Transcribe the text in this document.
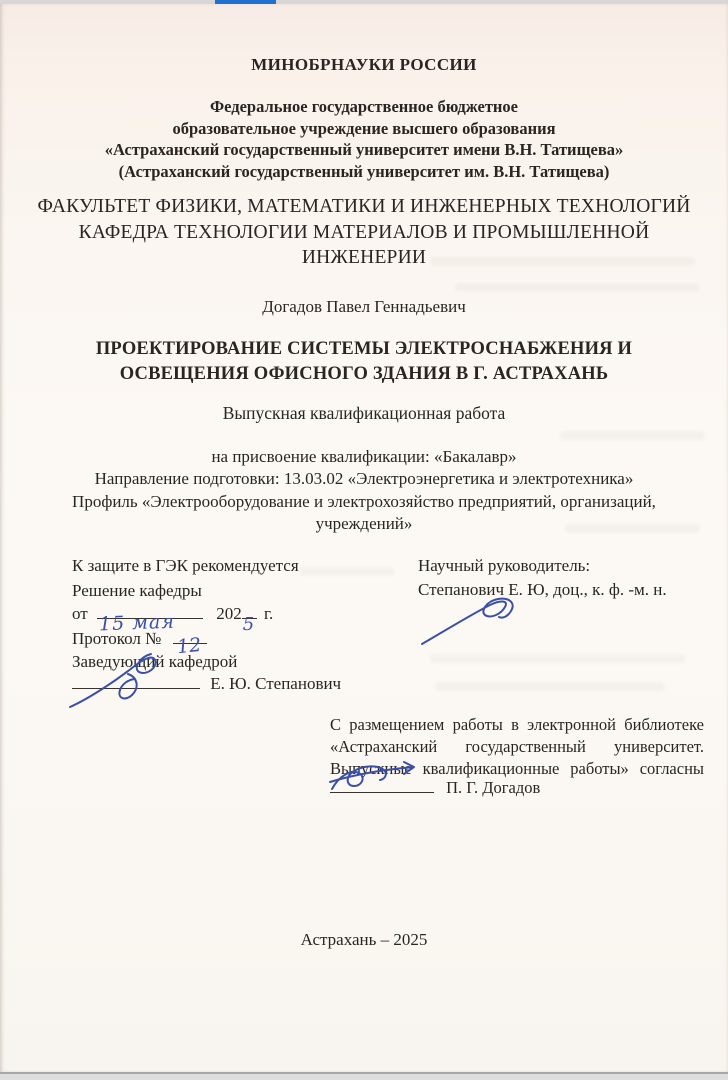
МИНОБРНАУКИ РОССИИ
Федеральное государственное бюджетное
образовательное учреждение высшего образования
«Астраханский государственный университет имени В.Н. Татищева»
(Астраханский государственный университет им. В.Н. Татищева)
ФАКУЛЬТЕТ ФИЗИКИ, МАТЕМАТИКИ И ИНЖЕНЕРНЫХ ТЕХНОЛОГИЙ
КАФЕДРА ТЕХНОЛОГИИ МАТЕРИАЛОВ И ПРОМЫШЛЕННОЙ
ИНЖЕНЕРИИ
Догадов Павел Геннадьевич
ПРОЕКТИРОВАНИЕ СИСТЕМЫ ЭЛЕКТРОСНАБЖЕНИЯ И
ОСВЕЩЕНИЯ ОФИСНОГО ЗДАНИЯ В Г. АСТРАХАНЬ
Выпускная квалификационная работа
на присвоение квалификации: «Бакалавр»
Направление подготовки: 13.03.02 «Электроэнергетика и электротехника»
Профиль «Электрооборудование и электрохозяйство предприятий, организаций,
учреждений»
К защите в ГЭК рекомендуется
Решение кафедры
от 15 мая 202
5
г.
Протокол № 12
Заведующий кафедрой
Е. Ю. Степанович
Научный руководитель:
Степанович Е. Ю, доц., к. ф. -м. н.
С размещением работы в электронной библиотеке
«Астраханский государственный университет.
Выпускные квалификационные работы» согласны
П. Г. Догадов
Астрахань – 2025
